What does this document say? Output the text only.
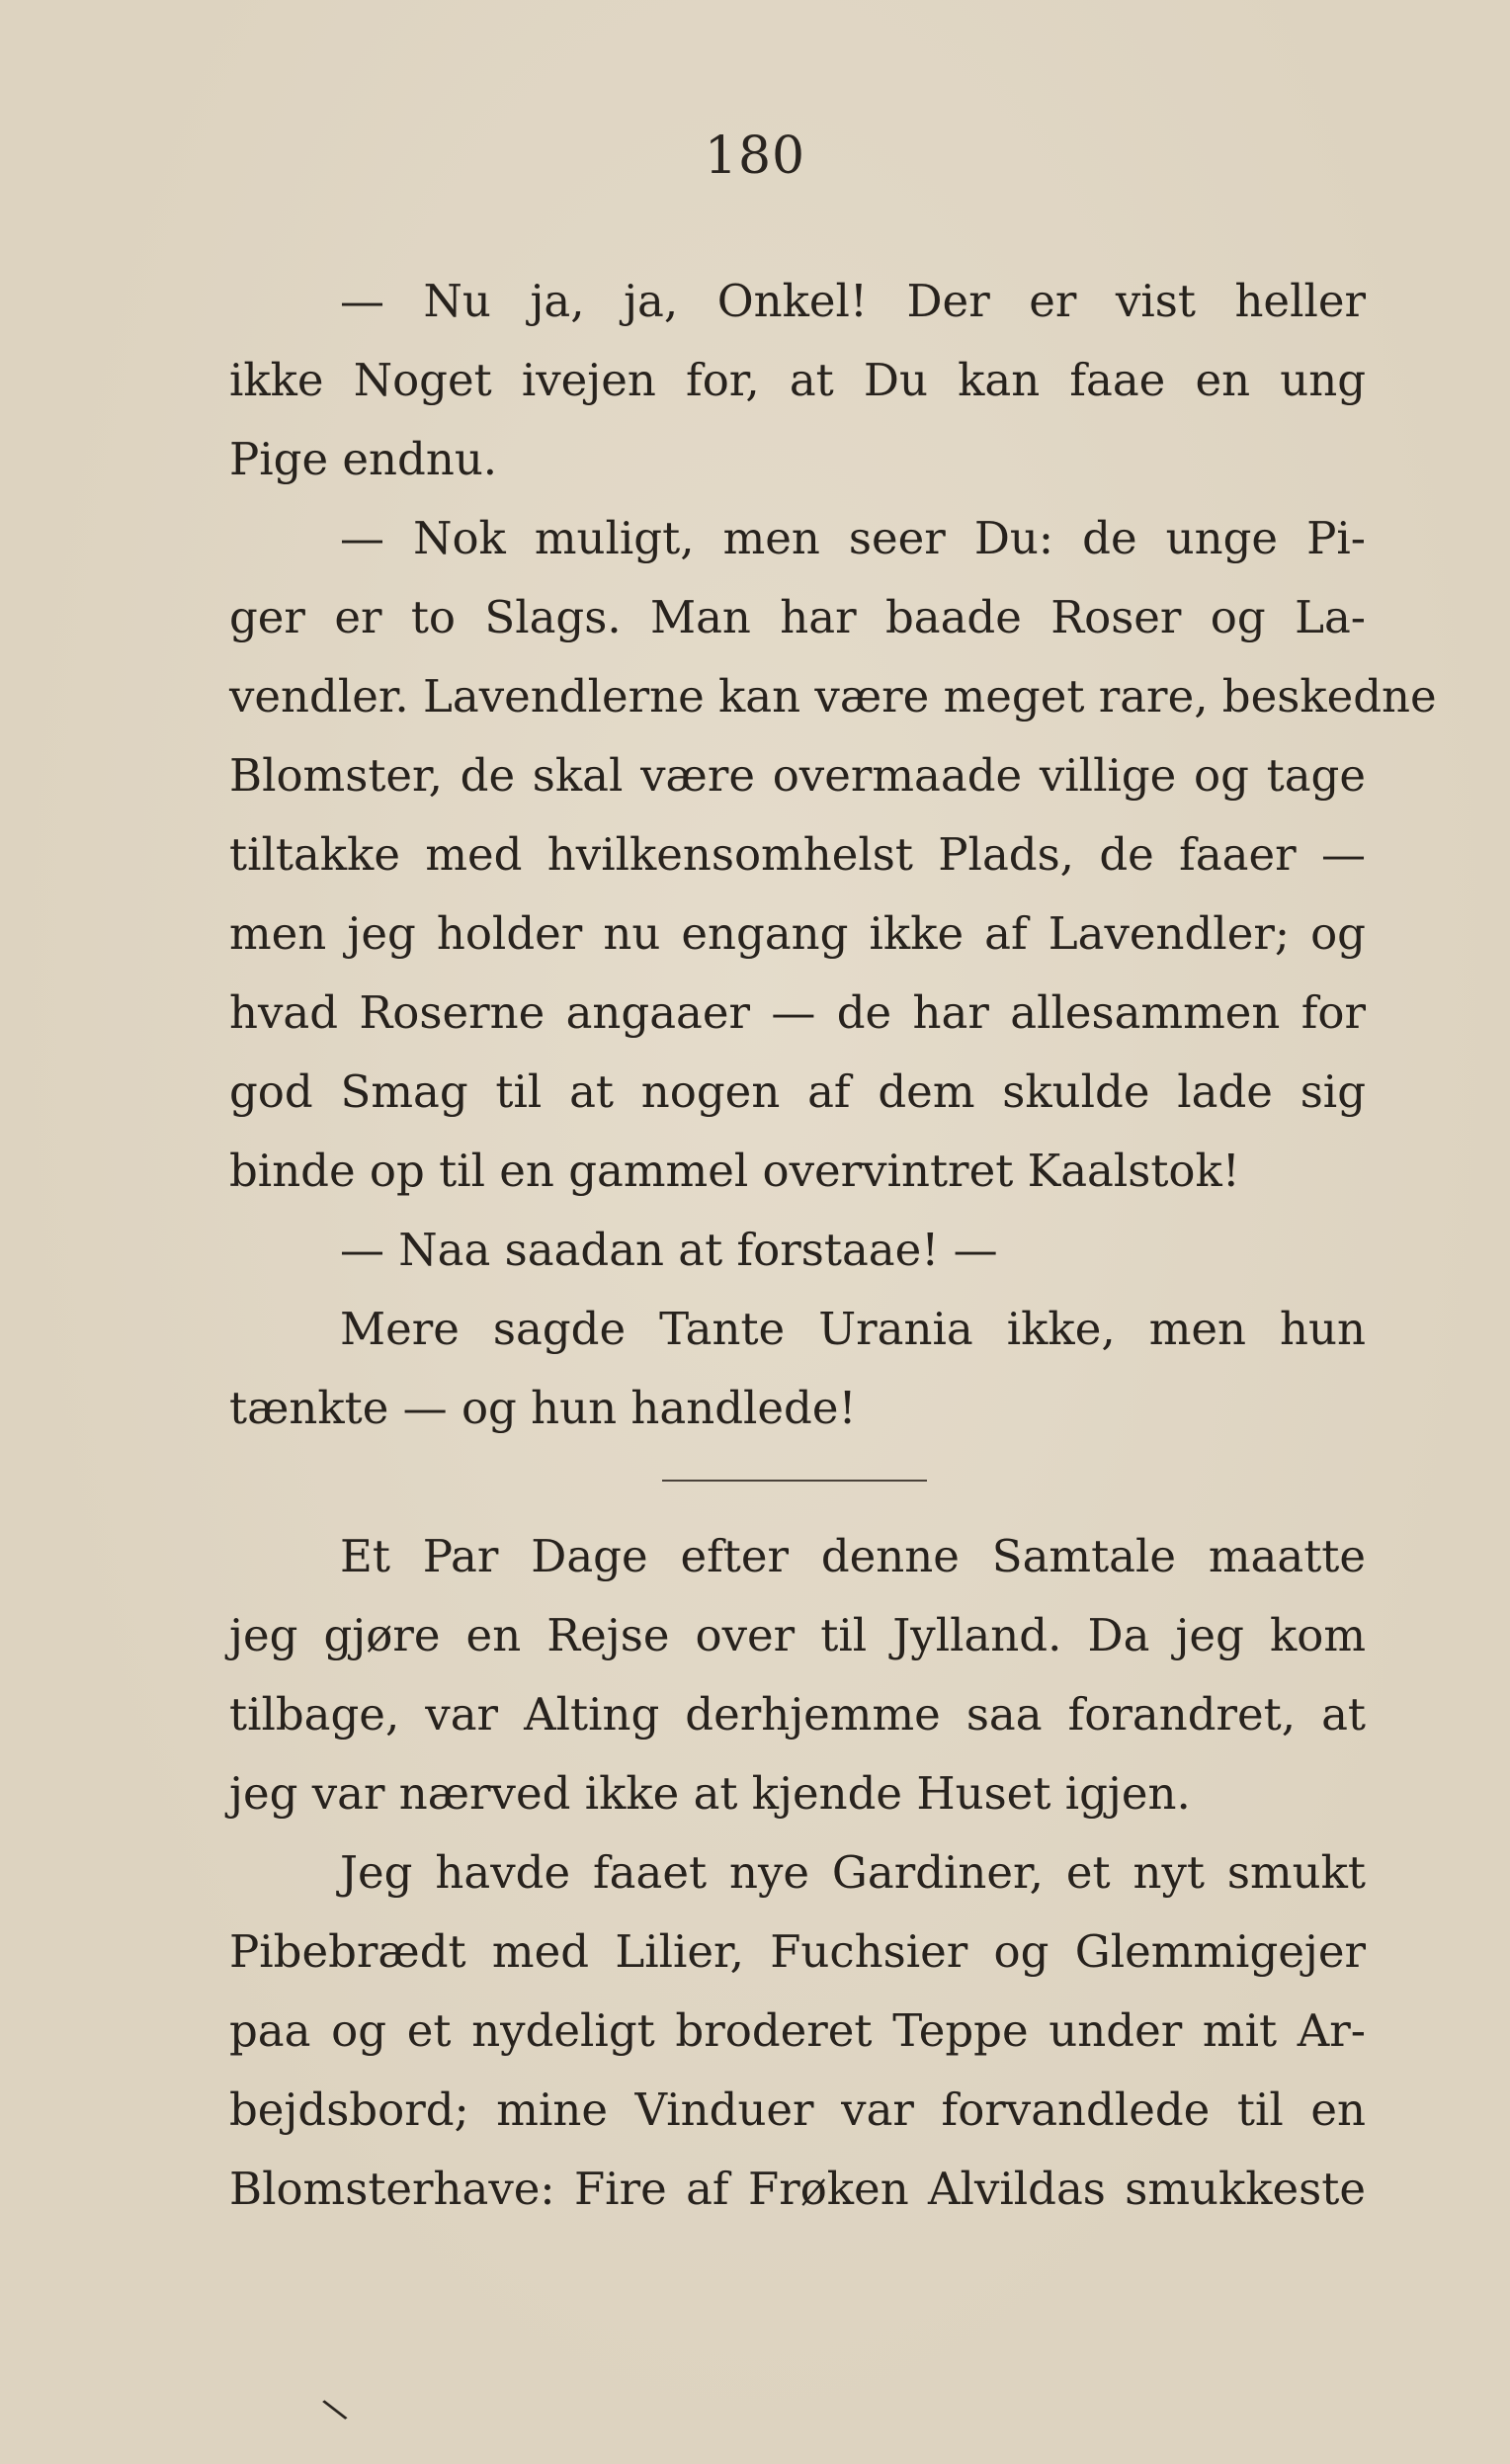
180
— Nu ja, ja, Onkel! Der er vist heller
ikke Noget ivejen for, at Du kan faae en ung
Pige endnu.
— Nok muligt, men seer Du: de unge Pi-
ger er to Slags. Man har baade Roser og La-
vendler. Lavendlerne kan være meget rare, beskedne
Blomster, de skal være overmaade villige og tage
tiltakke med hvilkensomhelst Plads, de faaer —
men jeg holder nu engang ikke af Lavendler; og
hvad Roserne angaaer — de har allesammen for
god Smag til at nogen af dem skulde lade sig
binde op til en gammel overvintret Kaalstok!
— Naa saadan at forstaae! —
Mere sagde Tante Urania ikke, men hun
tænkte — og hun handlede!
Et Par Dage efter denne Samtale maatte
jeg gjøre en Rejse over til Jylland. Da jeg kom
tilbage, var Alting derhjemme saa forandret, at
jeg var nærved ikke at kjende Huset igjen.
Jeg havde faaet nye Gardiner, et nyt smukt
Pibebrædt med Lilier, Fuchsier og Glemmigejer
paa og et nydeligt broderet Teppe under mit Ar-
bejdsbord; mine Vinduer var forvandlede til en
Blomsterhave: Fire af Frøken Alvildas smukkeste
\
